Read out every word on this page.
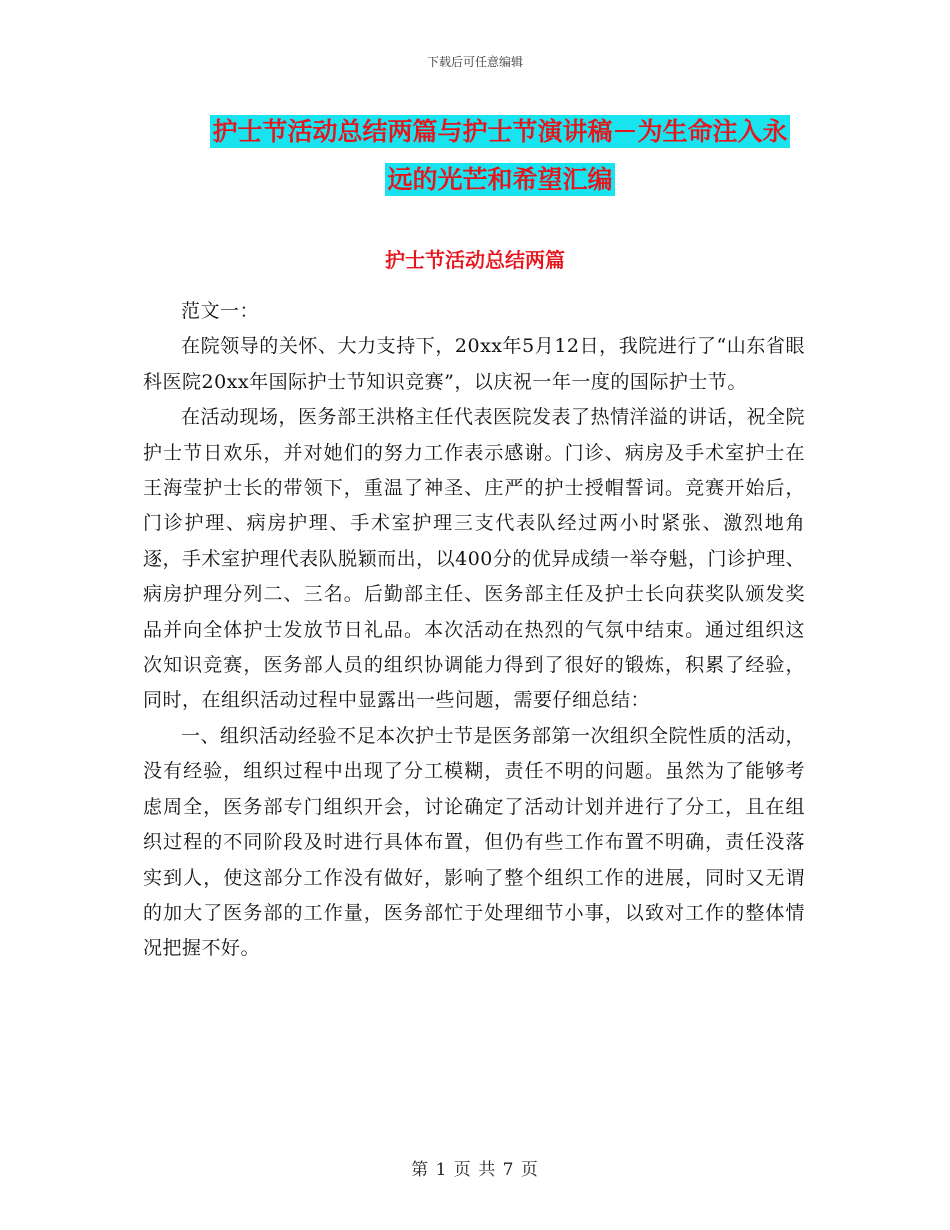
下载后可任意编辑
护士节活动总结两篇与护士节演讲稿－为生命注入永
远的光芒和希望汇编
护士节活动总结两篇

范文一：

在院领导的关怀、大力支持下，20xx年5月12日，我院进行了“山东省眼科医院20xx年国际护士节知识竞赛”，以庆祝一年一度的国际护士节。

在活动现场，医务部王洪格主任代表医院发表了热情洋溢的讲话，祝全院护士节日欢乐，并对她们的努力工作表示感谢。门诊、病房及手术室护士在王海莹护士长的带领下，重温了神圣、庄严的护士授帽誓词。竞赛开始后，门诊护理、病房护理、手术室护理三支代表队经过两小时紧张、激烈地角逐，手术室护理代表队脱颖而出，以400分的优异成绩一举夺魁，门诊护理、病房护理分列二、三名。后勤部主任、医务部主任及护士长向获奖队颁发奖品并向全体护士发放节日礼品。本次活动在热烈的气氛中结束。通过组织这次知识竞赛，医务部人员的组织协调能力得到了很好的锻炼，积累了经验，同时，在组织活动过程中显露出一些问题，需要仔细总结：

一、组织活动经验不足本次护士节是医务部第一次组织全院性质的活动，没有经验，组织过程中出现了分工模糊，责任不明的问题。虽然为了能够考虑周全，医务部专门组织开会，讨论确定了活动计划并进行了分工，且在组织过程的不同阶段及时进行具体布置，但仍有些工作布置不明确，责任没落实到人，使这部分工作没有做好，影响了整个组织工作的进展，同时又无谓的加大了医务部的工作量，医务部忙于处理细节小事，以致对工作的整体情况把握不好。

第 1 页 共 7 页
